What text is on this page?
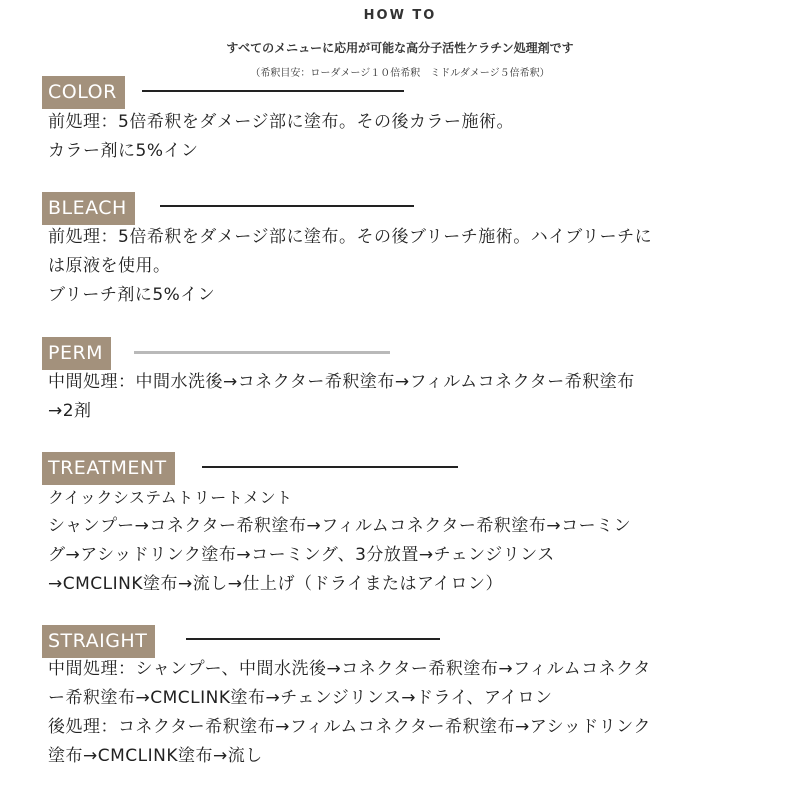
HOW TO
すべてのメニューに応用が可能な高分子活性ケラチン処理剤です
（希釈目安：ローダメージ１０倍希釈　ミドルダメージ５倍希釈）
COLOR

前処理：5倍希釈をダメージ部に塗布。その後カラー施術。

カラー剤に5%イン

BLEACH

前処理：5倍希釈をダメージ部に塗布。その後ブリーチ施術。ハイブリーチに

は原液を使用。

ブリーチ剤に5%イン

PERM

中間処理：中間水洗後→コネクター希釈塗布→フィルムコネクター希釈塗布

→2剤

TREATMENT

クイックシステムトリートメント

シャンプー→コネクター希釈塗布→フィルムコネクター希釈塗布→コーミン

グ→アシッドリンク塗布→コーミング、3分放置→チェンジリンス

→CMCLINK塗布→流し→仕上げ（ドライまたはアイロン）

STRAIGHT

中間処理：シャンプー、中間水洗後→コネクター希釈塗布→フィルムコネクタ

ー希釈塗布→CMCLINK塗布→チェンジリンス→ドライ、アイロン

後処理：コネクター希釈塗布→フィルムコネクター希釈塗布→アシッドリンク

塗布→CMCLINK塗布→流し
